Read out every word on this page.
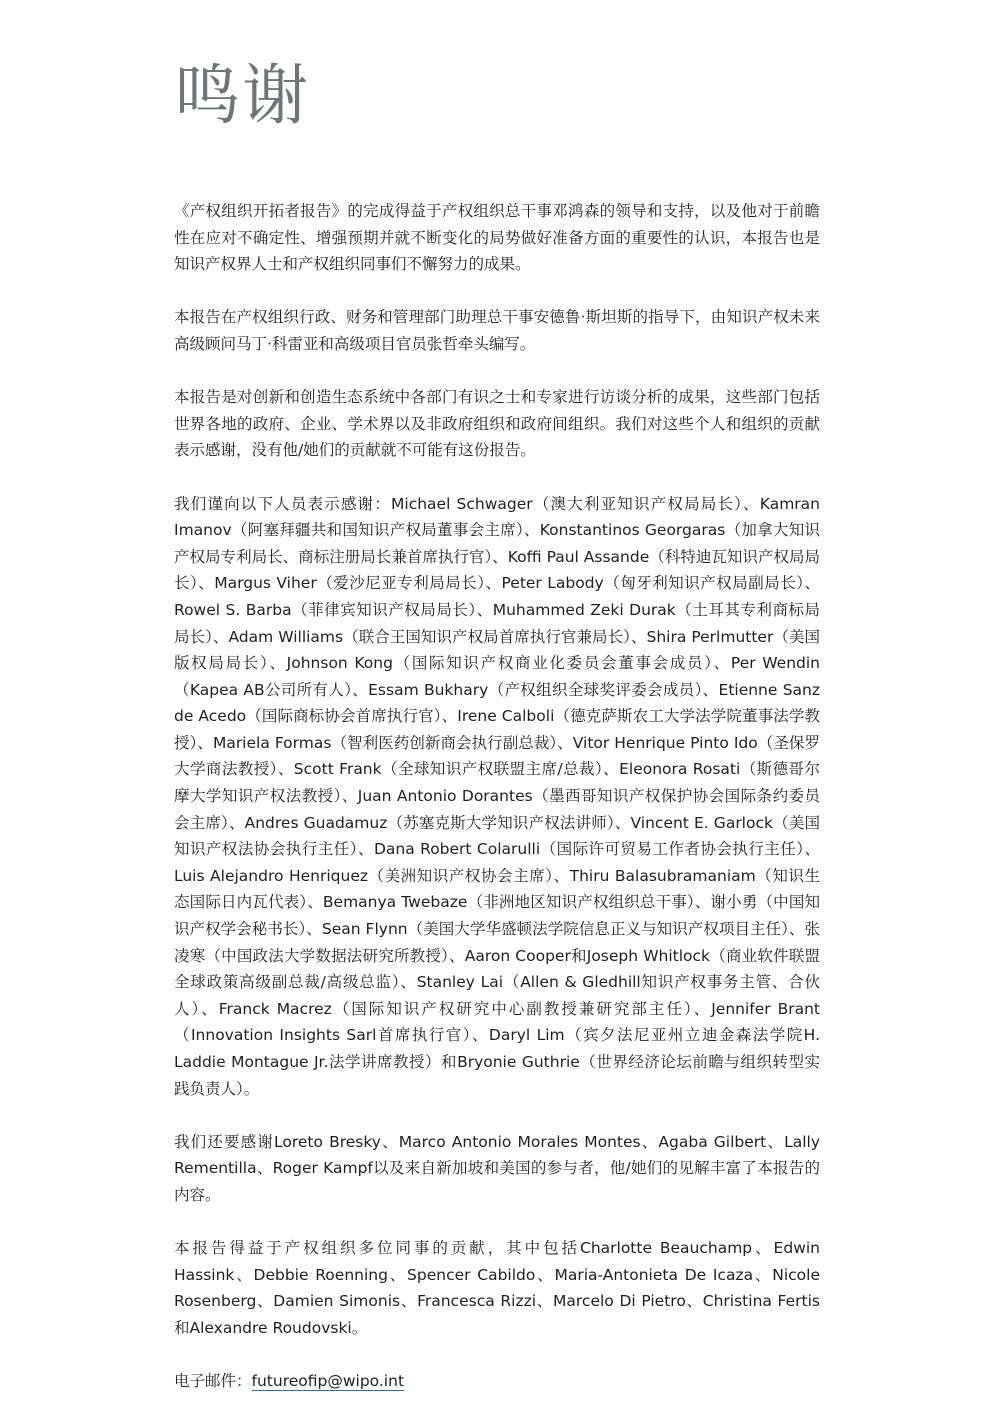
鸣谢

《产权组织开拓者报告》的完成得益于产权组织总干事邓鸿森的领导和支持，以及他对于前瞻性在应对不确定性、增强预期并就不断变化的局势做好准备方面的重要性的认识，本报告也是知识产权界人士和产权组织同事们不懈努力的成果。

本报告在产权组织行政、财务和管理部门助理总干事安德鲁·斯坦斯的指导下，由知识产权未来高级顾问马丁·科雷亚和高级项目官员张哲牵头编写。

本报告是对创新和创造生态系统中各部门有识之士和专家进行访谈分析的成果，这些部门包括世界各地的政府、企业、学术界以及非政府组织和政府间组织。我们对这些个人和组织的贡献表示感谢，没有他/她们的贡献就不可能有这份报告。

我们谨向以下人员表示感谢：Michael Schwager（澳大利亚知识产权局局长）、Kamran Imanov（阿塞拜疆共和国知识产权局董事会主席）、Konstantinos Georgaras（加拿大知识产权局专利局长、商标注册局长兼首席执行官）、Koffi Paul Assande（科特迪瓦知识产权局局长）、Margus Viher（爱沙尼亚专利局局长）、Peter Labody（匈牙利知识产权局副局长）、Rowel S. Barba（菲律宾知识产权局局长）、Muhammed Zeki Durak（土耳其专利商标局局长）、Adam Williams（联合王国知识产权局首席执行官兼局长）、Shira Perlmutter（美国版权局局长）、Johnson Kong（国际知识产权商业化委员会董事会成员）、Per Wendin（Kapea AB公司所有人）、Essam Bukhary（产权组织全球奖评委会成员）、Etienne Sanz de Acedo（国际商标协会首席执行官）、Irene Calboli（德克萨斯农工大学法学院董事法学教授）、Mariela Formas（智利医药创新商会执行副总裁）、Vitor Henrique Pinto Ido（圣保罗大学商法教授）、Scott Frank（全球知识产权联盟主席/总裁）、Eleonora Rosati（斯德哥尔摩大学知识产权法教授）、Juan Antonio Dorantes（墨西哥知识产权保护协会国际条约委员会主席）、Andres Guadamuz（苏塞克斯大学知识产权法讲师）、Vincent E. Garlock（美国知识产权法协会执行主任）、Dana Robert Colarulli（国际许可贸易工作者协会执行主任）、Luis Alejandro Henriquez（美洲知识产权协会主席）、Thiru Balasubramaniam（知识生态国际日内瓦代表）、Bemanya Twebaze（非洲地区知识产权组织总干事）、谢小勇（中国知识产权学会秘书长）、Sean Flynn（美国大学华盛顿法学院信息正义与知识产权项目主任）、张凌寒（中国政法大学数据法研究所教授）、Aaron Cooper和Joseph Whitlock（商业软件联盟全球政策高级副总裁/高级总监）、Stanley Lai（Allen & Gledhill知识产权事务主管、合伙人）、Franck Macrez（国际知识产权研究中心副教授兼研究部主任）、Jennifer Brant（Innovation Insights Sarl首席执行官）、Daryl Lim（宾夕法尼亚州立迪金森法学院H. Laddie Montague Jr.法学讲席教授）和Bryonie Guthrie（世界经济论坛前瞻与组织转型实践负责人）。

我们还要感谢Loreto Bresky、Marco Antonio Morales Montes、Agaba Gilbert、Lally Rementilla、Roger Kampf以及来自新加坡和美国的参与者，他/她们的见解丰富了本报告的内容。

本报告得益于产权组织多位同事的贡献，其中包括Charlotte Beauchamp、Edwin Hassink、Debbie Roenning、Spencer Cabildo、Maria-Antonieta De Icaza、Nicole Rosenberg、Damien Simonis、Francesca Rizzi、Marcelo Di Pietro、Christina Fertis和Alexandre Roudovski。

电子邮件：futureofip@wipo.int
